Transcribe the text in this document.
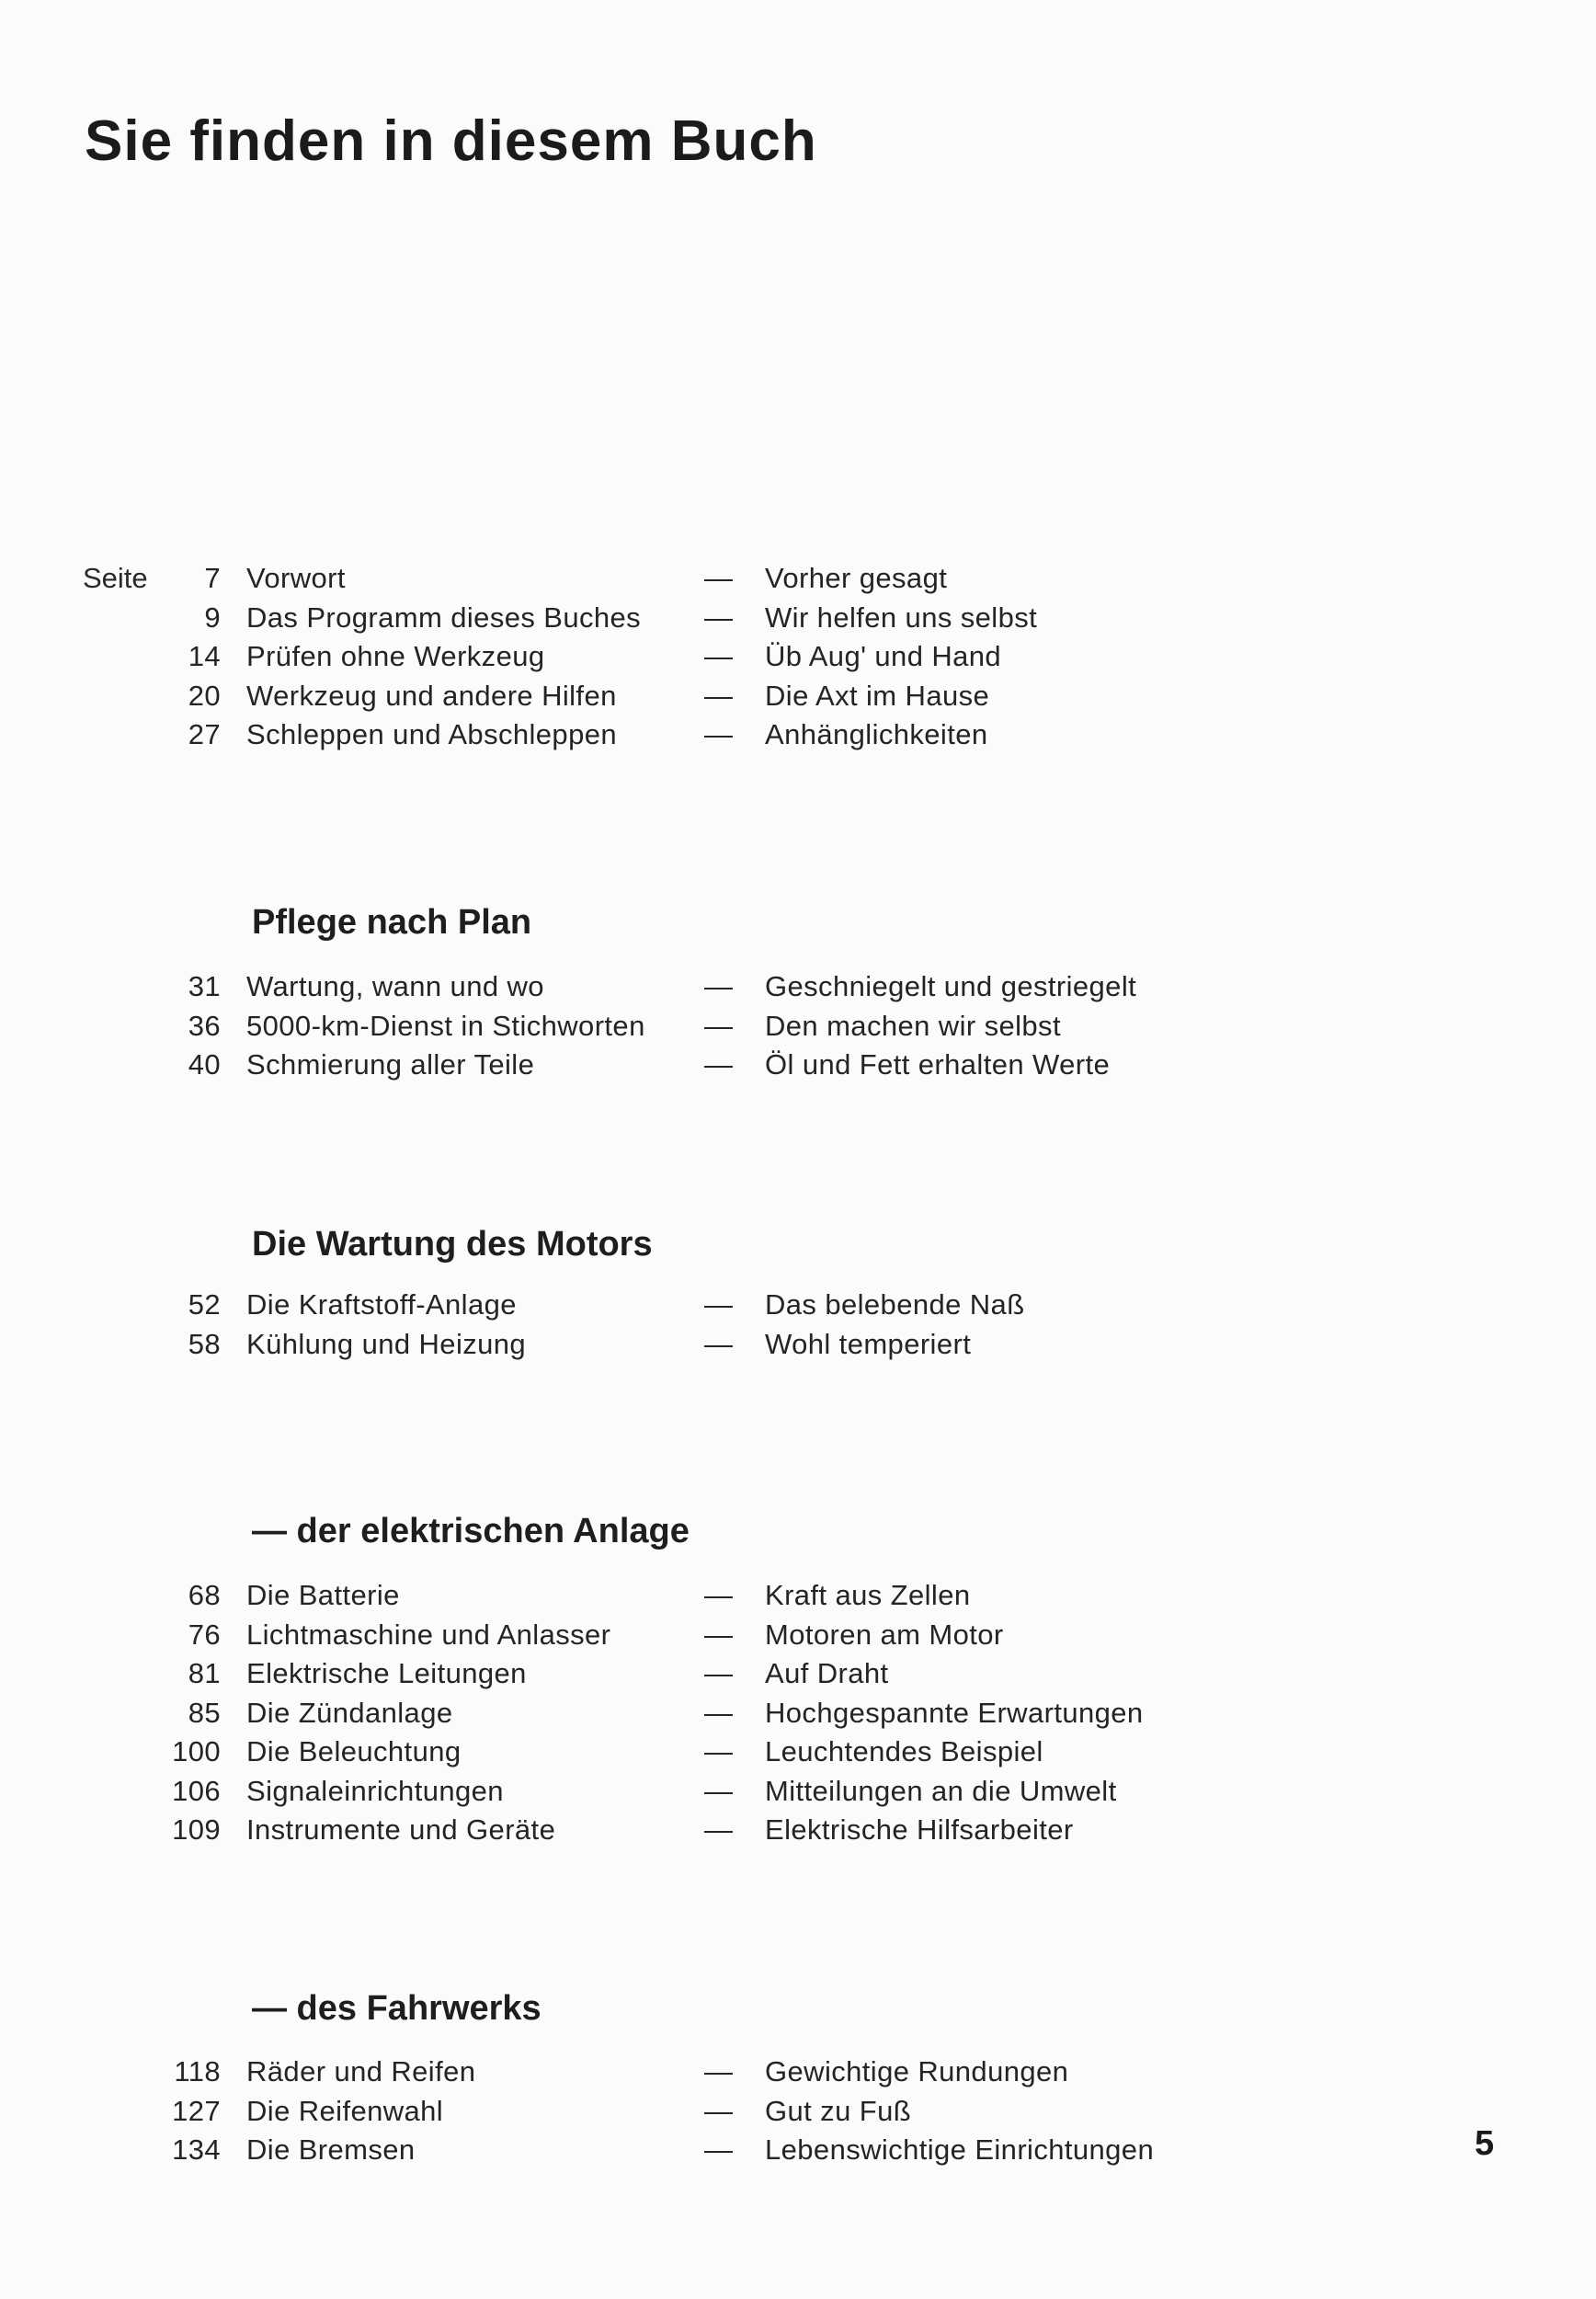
Sie finden in diesem Buch
Seite 7 Vorwort	— Vorher gesagt
9 Das Programm dieses Buches — Wir helfen uns selbst
14 Prüfen ohne Werkzeug	— Üb Aug' und Hand
20 Werkzeug und andere Hilfen	— Die Axt im Hause
27 Schleppen und Abschleppen	— Anhänglichkeiten
Pflege nach Plan
31 Wartung, wann und wo	— Geschniegelt und gestriegelt
36 5000-km-Dienst in Stichworten — Den machen wir selbst
40 Schmierung aller Teile	— Öl und Fett erhalten Werte
Die Wartung des Motors
52 Die Kraftstoff-Anlage	— Das belebende Naß
58 Kühlung und Heizung	— Wohl temperiert
— der elektrischen Anlage
68 Die Batterie	— Kraft aus Zellen
76 Lichtmaschine und Anlasser	— Motoren am Motor
81 Elektrische Leitungen	— Auf Draht
85 Die Zündanlage	— Hochgespannte Erwartungen
100 Die Beleuchtung	— Leuchtendes Beispiel
106 Signaleinrichtungen	— Mitteilungen an die Umwelt
109 Instrumente und Geräte	— Elektrische Hilfsarbeiter
— des Fahrwerks
118 Räder und Reifen	— Gewichtige Rundungen
127 Die Reifenwahl	— Gut zu Fuß
134 Die Bremsen	— Lebenswichtige Einrichtungen	5
